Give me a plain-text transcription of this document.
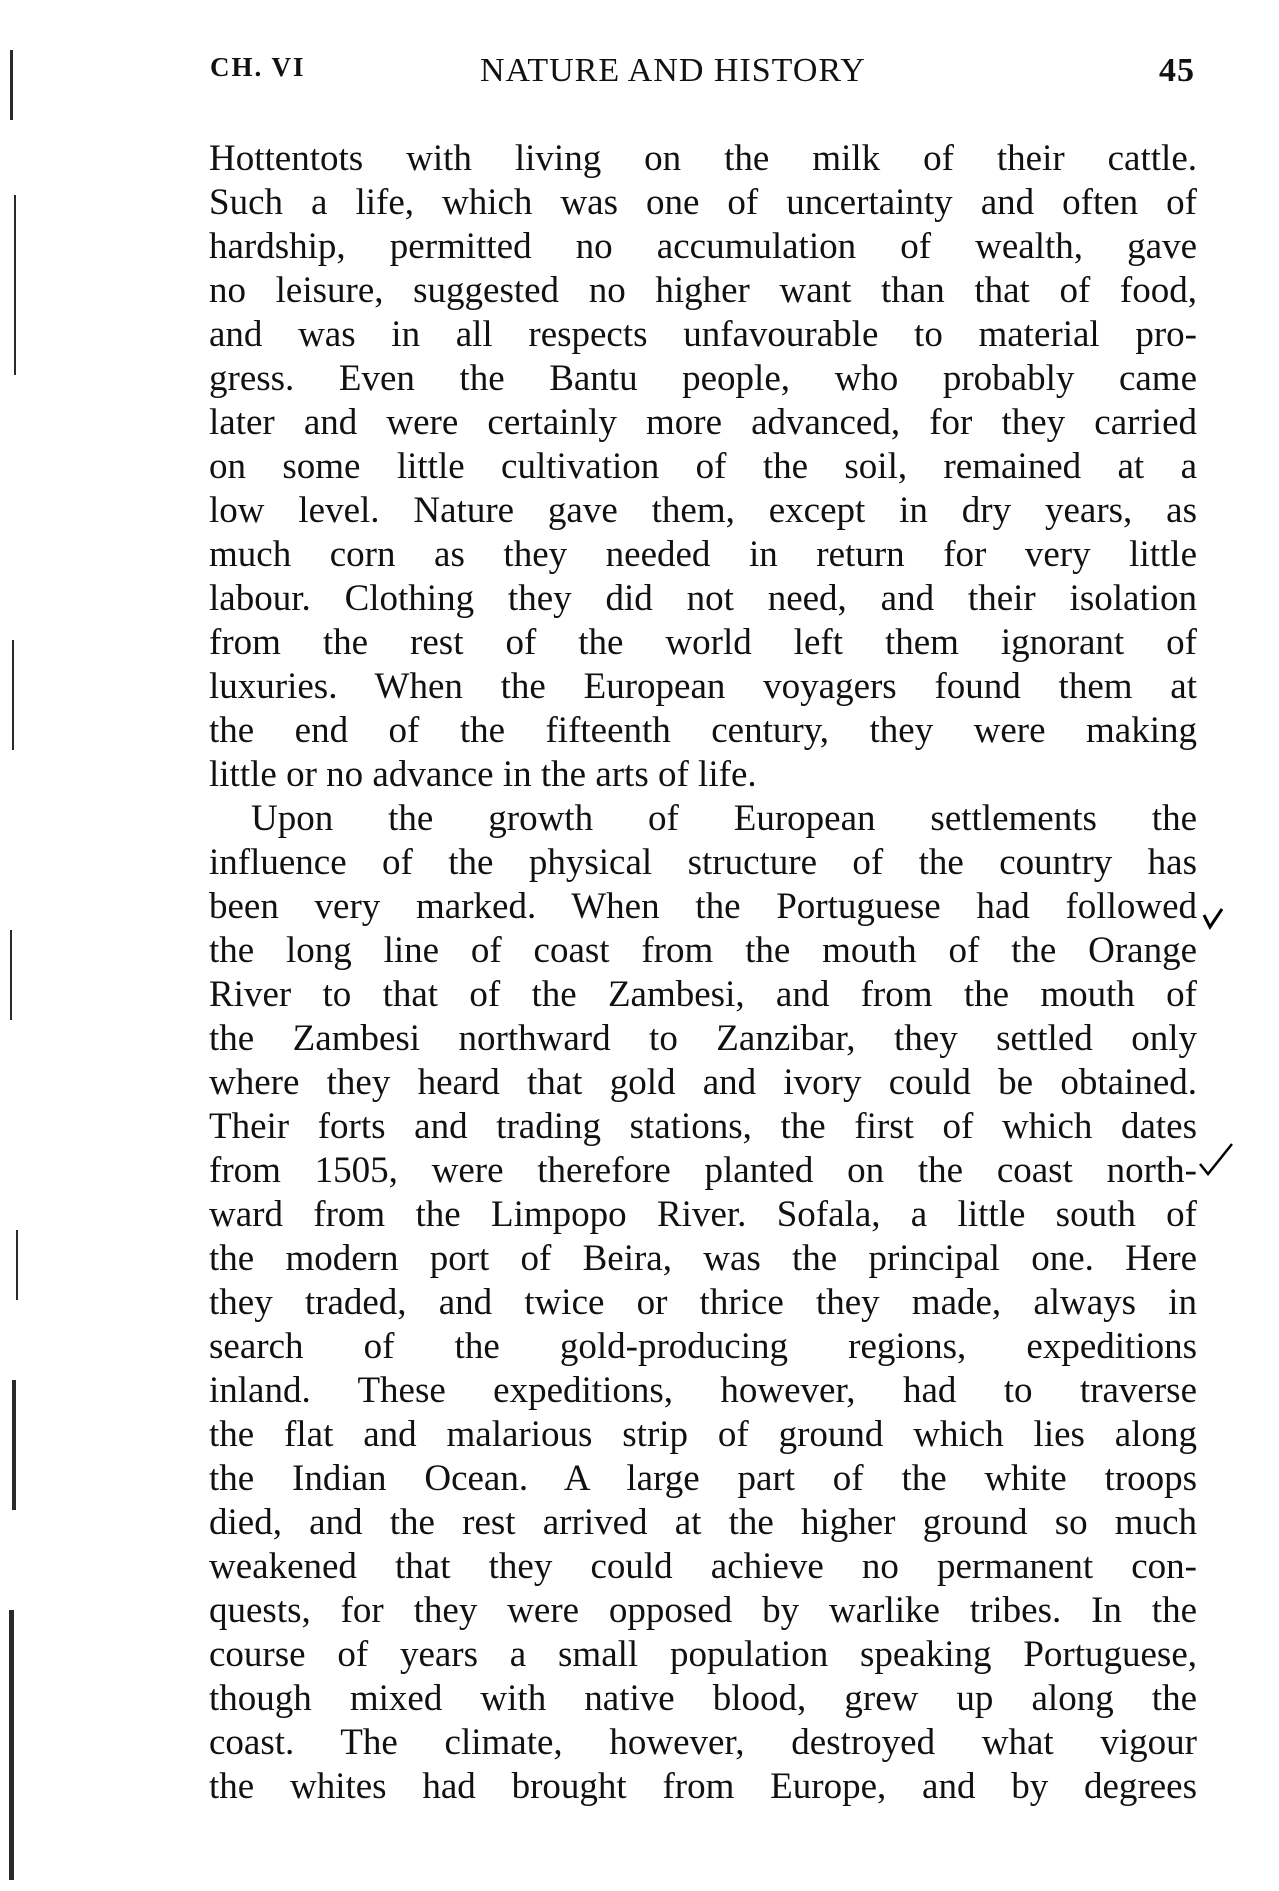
CH. VI	NATURE AND HISTORY	45
Hottentots with living on the milk of their cattle.
Such a life, which was one of uncertainty and often of
hardship, permitted no accumulation of wealth, gave
no leisure, suggested no higher want than that of food,
and was in all respects unfavourable to material pro-
gress. Even the Bantu people, who probably came
later and were certainly more advanced, for they carried
on some little cultivation of the soil, remained at a
low level. Nature gave them, except in dry years, as
much corn as they needed in return for very little
labour. Clothing they did not need, and their isolation
from the rest of the world left them ignorant of
luxuries. When the European voyagers found them at
the end of the fifteenth century, they were making
little or no advance in the arts of life.
Upon the growth of European settlements the
influence of the physical structure of the country has
been very marked. When the Portuguese had followed
the long line of coast from the mouth of the Orange
River to that of the Zambesi, and from the mouth of
the Zambesi northward to Zanzibar, they settled only
where they heard that gold and ivory could be obtained.
Their forts and trading stations, the first of which dates
from 1505, were therefore planted on the coast north-
ward from the Limpopo River. Sofala, a little south of
the modern port of Beira, was the principal one. Here
they traded, and twice or thrice they made, always in
search of the gold-producing regions, expeditions
inland. These expeditions, however, had to traverse
the flat and malarious strip of ground which lies along
the Indian Ocean. A large part of the white troops
died, and the rest arrived at the higher ground so much
weakened that they could achieve no permanent con-
quests, for they were opposed by warlike tribes. In the
course of years a small population speaking Portuguese,
though mixed with native blood, grew up along the
coast. The climate, however, destroyed what vigour
the whites had brought from Europe, and by degrees
